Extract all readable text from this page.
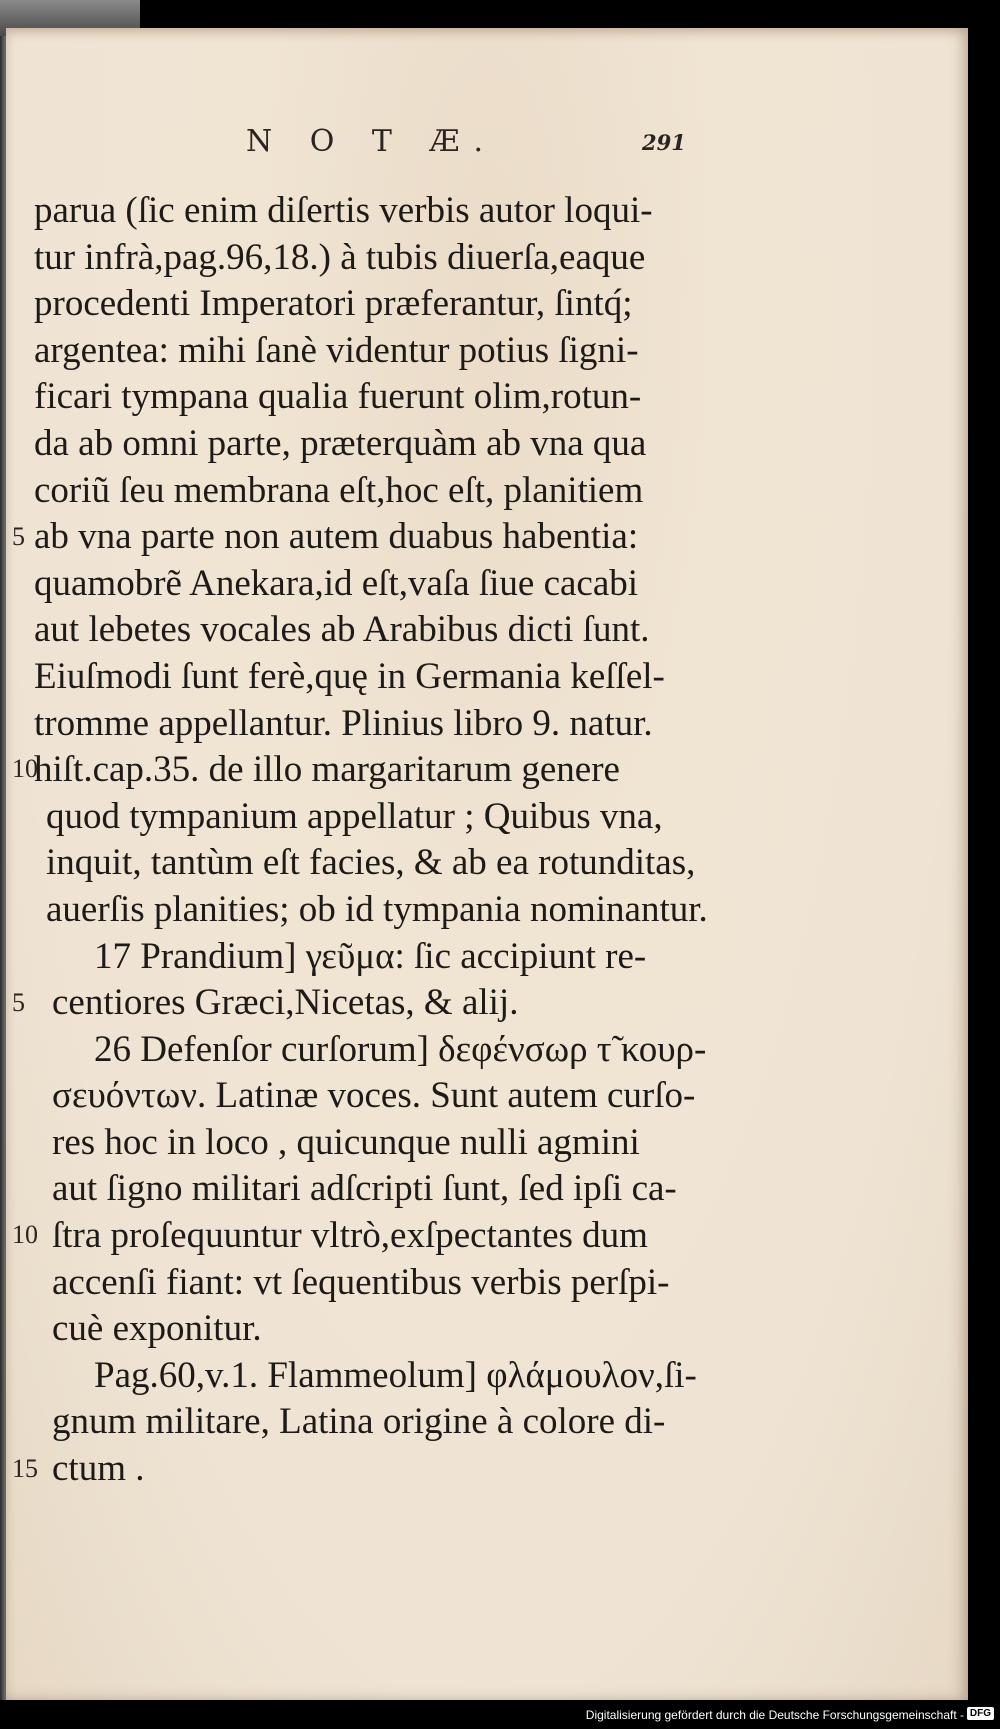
N O T Æ.	291
5
10
5
10
15
parua (ſic enim diſertis verbis autor loqui-
tur infrà,pag.96,18.) à tubis diuerſa,eaque
procedenti Imperatori præferantur, ſintq́;
argentea: mihi ſanè videntur potius ſigni-
ficari tympana qualia fuerunt olim,rotun-
da ab omni parte, præterquàm ab vna qua
coriũ ſeu membrana eſt,hoc eſt, planitiem
ab vna parte non autem duabus habentia:
quamobrẽ Anekara,id eſt,vaſa ſiue cacabi
aut lebetes vocales ab Arabibus dicti ſunt.
Eiuſmodi ſunt ferè,quę in Germania keſſel-
tromme appellantur. Plinius libro 9. natur.
hiſt.cap.35. de illo margaritarum genere
quod tympanium appellatur ; Quibus vna,
inquit, tantùm eſt facies, & ab ea rotunditas,
auerſis planities; ob id tympania nominantur.
17 Prandium] γεῦμα: ſic accipiunt re-
centiores Græci,Nicetas, & alij.
26 Defenſor curſorum] δεφένσωρ τ̃ κουρ-
σευόντων. Latinæ voces. Sunt autem curſo-
res hoc in loco , quicunque nulli agmini
aut ſigno militari adſcripti ſunt, ſed ipſi ca-
ſtra proſequuntur vltrò,exſpectantes dum
accenſi fiant: vt ſequentibus verbis perſpi-
cuè exponitur.
Pag.60,v.1. Flammeolum] φλάμουλον,ſi-
gnum militare, Latina origine à colore di-
ctum .
Digitalisierung gefördert durch die Deutsche Forschungsgemeinschaft - DFG
